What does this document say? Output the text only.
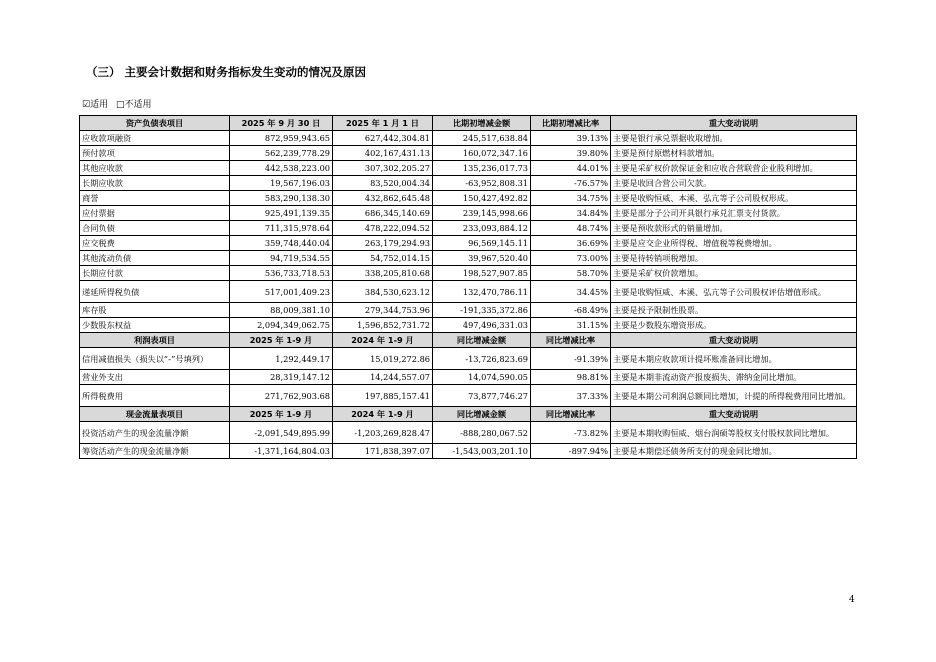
（三） 主要会计数据和财务指标发生变动的情况及原因
☑适用 □不适用
资产负债表项目	2025 年 9 月 30 日	2025 年 1 月 1 日	比期初增减金额	比期初增减比率	重大变动说明
应收款项融资	872,959,943.65	627,442,304.81	245,517,638.84	39.13%	主要是银行承兑票据收取增加。
预付款项	562,239,778.29	402,167,431.13	160,072,347.16	39.80%	主要是预付原燃材料款增加。
其他应收款	442,538,223.00	307,302,205.27	135,236,017.73	44.01%	主要是采矿权价款保证金和应收合营联营企业股利增加。
长期应收款	19,567,196.03	83,520,004.34	-63,952,808.31	-76.57%	主要是收回合营公司欠款。
商誉	583,290,138.30	432,862,645.48	150,427,492.82	34.75%	主要是收购恒威、本溪、弘亢等子公司股权形成。
应付票据	925,491,139.35	686,345,140.69	239,145,998.66	34.84%	主要是部分子公司开具银行承兑汇票支付货款。
合同负债	711,315,978.64	478,222,094.52	233,093,884.12	48.74%	主要是预收款形式的销量增加。
应交税费	359,748,440.04	263,179,294.93	96,569,145.11	36.69%	主要是应交企业所得税、增值税等税费增加。
其他流动负债	94,719,534.55	54,752,014.15	39,967,520.40	73.00%	主要是待转销项税增加。
长期应付款	536,733,718.53	338,205,810.68	198,527,907.85	58.70%	主要是采矿权价款增加。
递延所得税负债	517,001,409.23	384,530,623.12	132,470,786.11	34.45%	主要是收购恒威、本溪、弘亢等子公司股权评估增值形成。
库存股	88,009,381.10	279,344,753.96	-191,335,372.86	-68.49%	主要是授予限制性股票。
少数股东权益	2,094,349,062.75	1,596,852,731.72	497,496,331.03	31.15%	主要是少数股东增资形成。
利润表项目	2025 年 1-9 月	2024 年 1-9 月	同比增减金额	同比增减比率	重大变动说明
信用减值损失（损失以“-”号填列）	1,292,449.17	15,019,272.86	-13,726,823.69	-91.39%	主要是本期应收款项计提坏账准备同比增加。
营业外支出	28,319,147.12	14,244,557.07	14,074,590.05	98.81%	主要是本期非流动资产报废损失、滞纳金同比增加。
所得税费用	271,762,903.68	197,885,157.41	73,877,746.27	37.33%	主要是本期公司利润总额同比增加，计提的所得税费用同比增加。
现金流量表项目	2025 年 1-9 月	2024 年 1-9 月	同比增减金额	同比增减比率	重大变动说明
投资活动产生的现金流量净额	-2,091,549,895.99	-1,203,269,828.47	-888,280,067.52	-73.82%	主要是本期收购恒威、烟台润硕等股权支付股权款同比增加。
筹资活动产生的现金流量净额	-1,371,164,804.03	171,838,397.07	-1,543,003,201.10	-897.94%	主要是本期偿还债务所支付的现金同比增加。
4
